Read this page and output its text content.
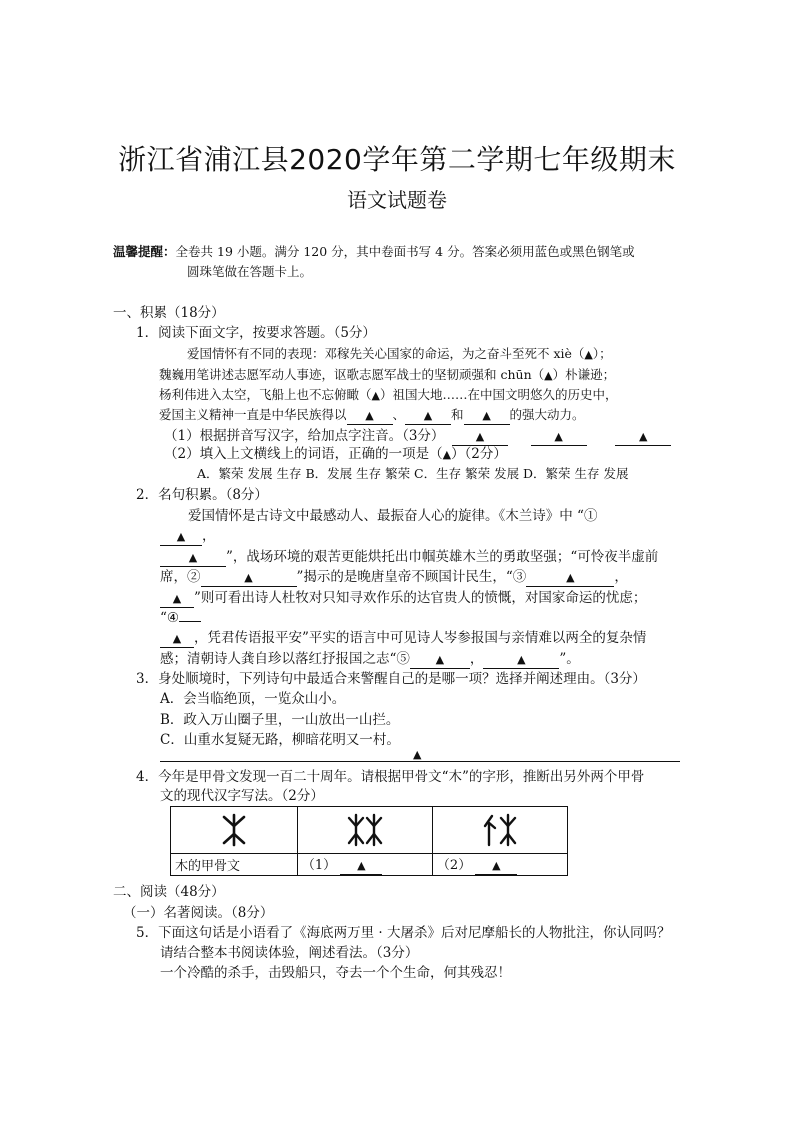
浙江省浦江县2020学年第二学期七年级期末
语文试题卷
温馨提醒：全卷共 19 小题。满分 120 分，其中卷面书写 4 分。答案必须用蓝色或黑色钢笔或
圆珠笔做在答题卡上。
一、积累（18分）
1．阅读下面文字，按要求答题。（5分）
爱国情怀有不同的表现：邓稼先关心国家的命运，为之奋斗至死不 xiè（▲）；
魏巍用笔讲述志愿军动人事迹，讴歌志愿军战士的坚韧顽强和 chūn（▲）朴谦逊；
杨利伟进入太空，飞船上也不忘俯瞰（▲）祖国大地……在中国文明悠久的历史中，
爱国主义精神一直是中华民族得以 ▲ 、 ▲ 和 ▲ 的强大动力。
（1）根据拼音写汉字，给加点字注音。（3分）	▲	▲	▲
（2）填入上文横线上的词语，正确的一项是（▲）（2分）
A．繁荣 发展 生存 B．发展 生存 繁荣 C．生存 繁荣 发展 D．繁荣 生存 发展
2．名句积累。（8分）
爱国情怀是古诗文中最感动人、最振奋人心的旋律。《木兰诗》中 “①
▲ ，
▲ ”，战场环境的艰苦更能烘托出巾帼英雄木兰的勇敢坚强；“可怜夜半虚前
席，②	▲	”揭示的是晚唐皇帝不顾国计民生，“③	▲	，
▲ ”则可看出诗人杜牧对只知寻欢作乐的达官贵人的愤慨，对国家命运的忧虑；
“④
▲ ，凭君传语报平安”平实的语言中可见诗人岑参报国与亲情难以两全的复杂情
感；清朝诗人龚自珍以落红抒报国之志“⑤ ▲ ，	▲	”。
3．身处顺境时，下列诗句中最适合来警醒自己的是哪一项？选择并阐述理由。（3分）
A．会当临绝顶，一览众山小。
B．政入万山圈子里，一山放出一山拦。
C．山重水复疑无路，柳暗花明又一村。
▲
4．今年是甲骨文发现一百二十周年。请根据甲骨文“木”的字形，推断出另外两个甲骨
文的现代汉字写法。（2分）

木的甲骨文	（1） ▲	（2） ▲
二、阅读（48分）
（一）名著阅读。（8分）
5．下面这句话是小语看了《海底两万里 · 大屠杀》后对尼摩船长的人物批注，你认同吗？
请结合整本书阅读体验，阐述看法。（3分）
一个冷酷的杀手，击毁船只，夺去一个个生命，何其残忍！
